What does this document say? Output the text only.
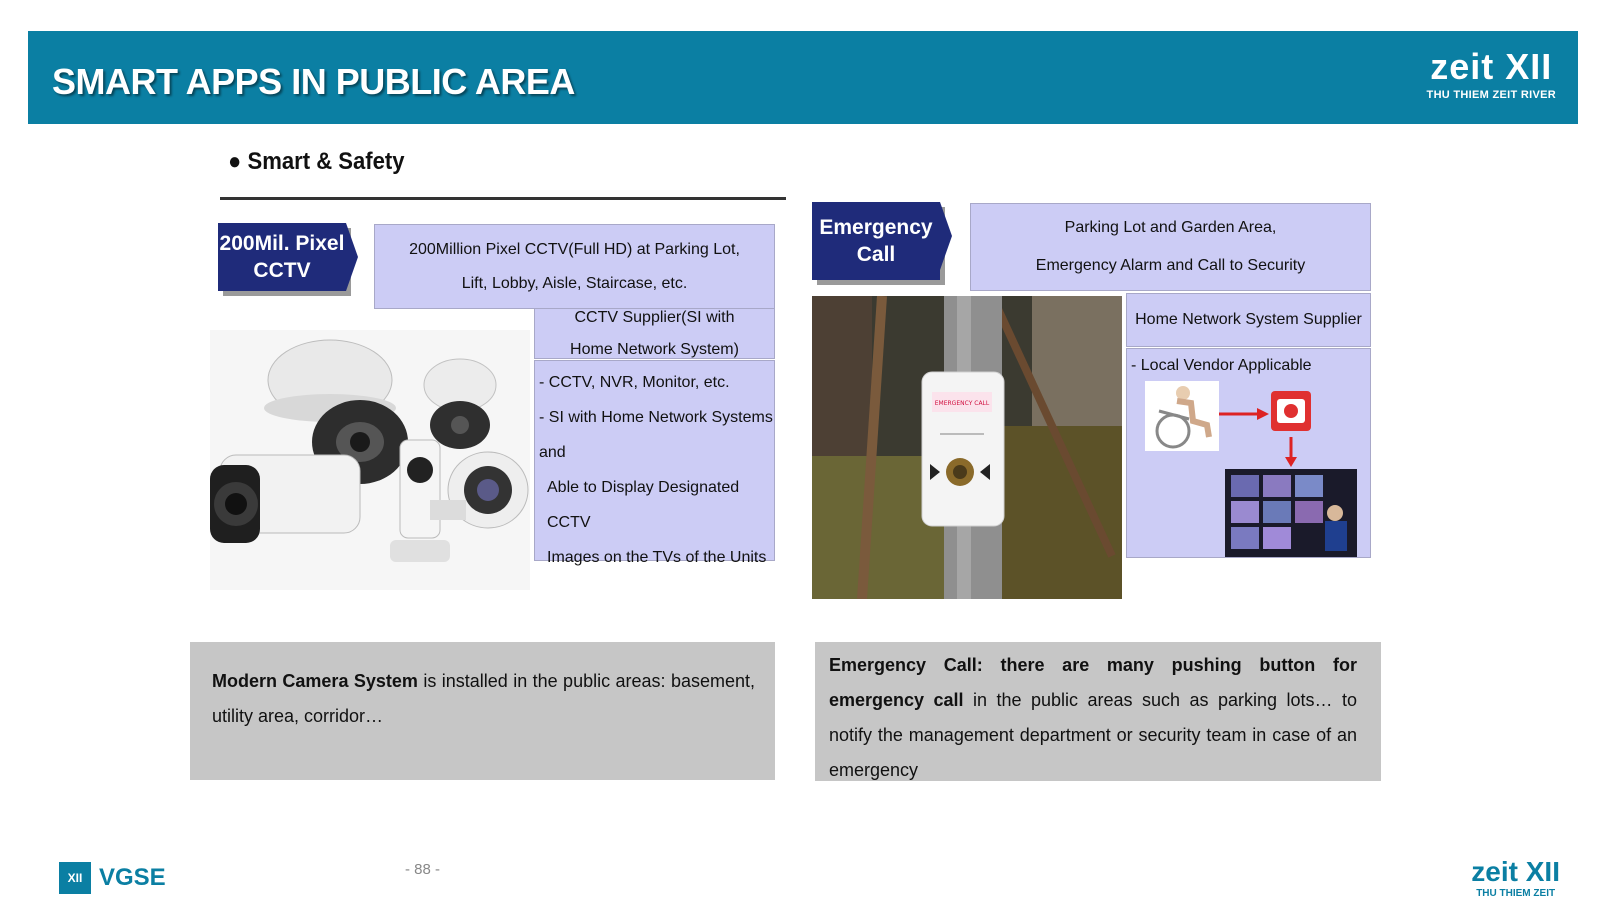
SMART APPS IN PUBLIC AREA	zeit XII
THU THIEM ZEIT RIVER
● Smart & Safety
200Mil. Pixel
CCTV
200Million Pixel CCTV(Full HD) at Parking Lot,
Lift, Lobby, Aisle, Staircase, etc.
CCTV Supplier(SI with
Home Network System)
- CCTV, NVR, Monitor, etc.
- SI with Home Network Systems and
Able to Display Designated CCTV
Images on the TVs of the Units
Emergency
Call
Parking Lot and Garden Area,
Emergency Alarm and Call to Security
Home Network System Supplier
- Local Vendor Applicable
EMERGENCY CALL
Modern Camera System is installed in the public areas: basement, utility area, corridor…
Emergency Call: there are many pushing button for emergency call in the public areas such as parking lots… to notify the management department or security team in case of an emergency
XII VGSE	- 88 -	zeit XII
THU THIEM ZEIT
